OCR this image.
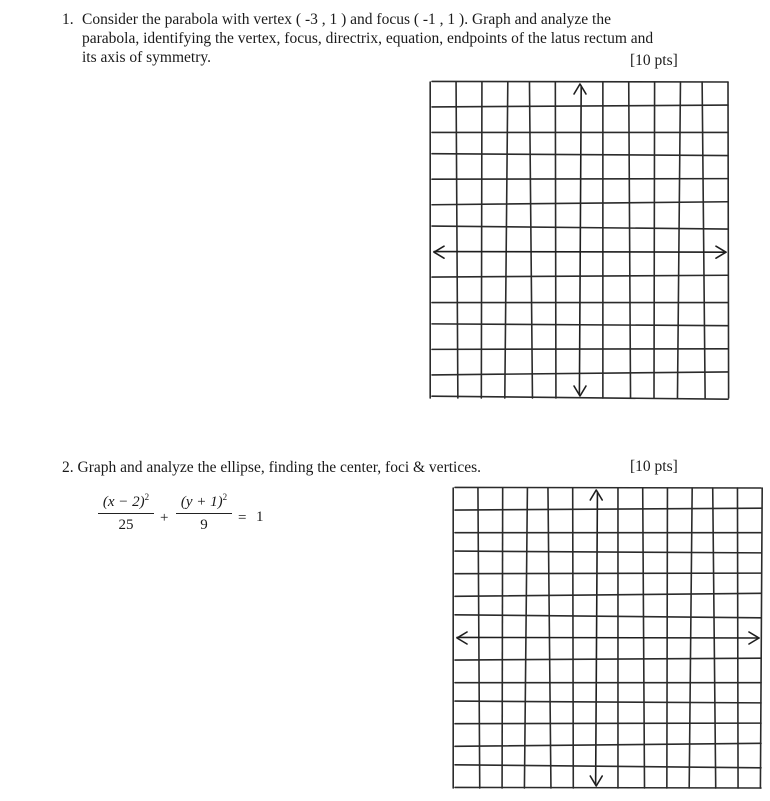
1. Consider the parabola with vertex ( -3 , 1 ) and focus ( -1 , 1 ). Graph and analyze the
parabola, identifying the vertex, focus, directrix, equation, endpoints of the latus rectum and
its axis of symmetry.	[10 pts]
2. Graph and analyze the ellipse, finding the center, foci & vertices.	[10 pts]
$(x - 2)^2$
25	+
$(y + 1)^2$
9	= 1
